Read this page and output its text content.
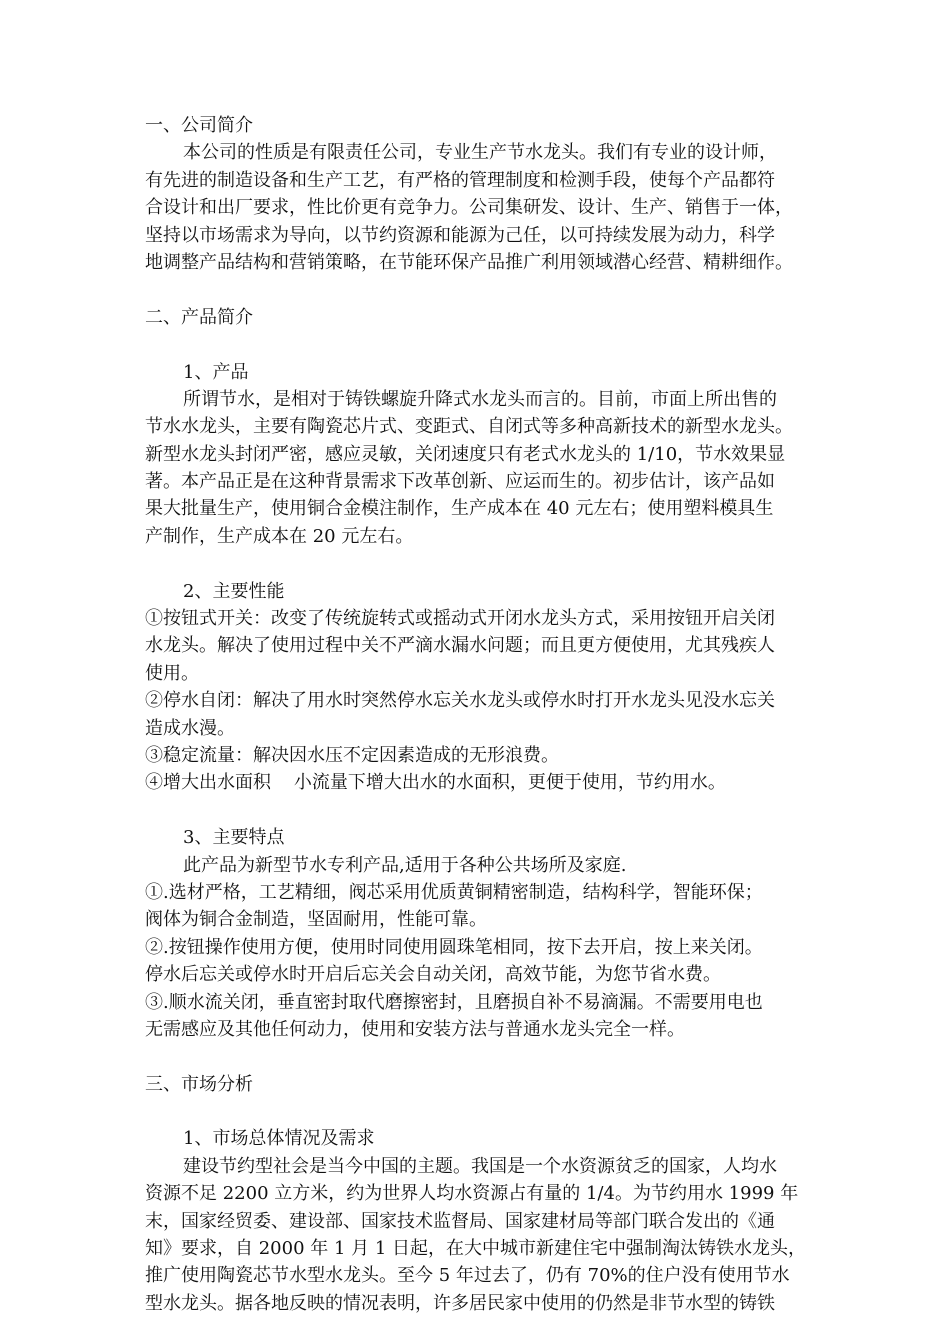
一、公司简介
本公司的性质是有限责任公司，专业生产节水龙头。我们有专业的设计师，
有先进的制造设备和生产工艺，有严格的管理制度和检测手段，使每个产品都符
合设计和出厂要求，性比价更有竞争力。公司集研发、设计、生产、销售于一体，
坚持以市场需求为导向，以节约资源和能源为己任，以可持续发展为动力，科学
地调整产品结构和营销策略，在节能环保产品推广利用领域潜心经营、精耕细作。
二、产品简介
1、产品
所谓节水，是相对于铸铁螺旋升降式水龙头而言的。目前，市面上所出售的
节水水龙头，主要有陶瓷芯片式、变距式、自闭式等多种高新技术的新型水龙头。
新型水龙头封闭严密，感应灵敏，关闭速度只有老式水龙头的 1/10，节水效果显
著。本产品正是在这种背景需求下改革创新、应运而生的。初步估计，该产品如
果大批量生产，使用铜合金模注制作，生产成本在 40 元左右；使用塑料模具生
产制作，生产成本在 20 元左右。
2、主要性能
①按钮式开关：改变了传统旋转式或摇动式开闭水龙头方式，采用按钮开启关闭
水龙头。解决了使用过程中关不严滴水漏水问题；而且更方便使用，尤其残疾人
使用。
②停水自闭：解决了用水时突然停水忘关水龙头或停水时打开水龙头见没水忘关
造成水漫。
③稳定流量：解决因水压不定因素造成的无形浪费。
④增大出水面积    小流量下增大出水的水面积，更便于使用，节约用水。
3、主要特点
此产品为新型节水专利产品,适用于各种公共场所及家庭.
①.选材严格，工艺精细，阀芯采用优质黄铜精密制造，结构科学，智能环保；
阀体为铜合金制造，坚固耐用，性能可靠。
②.按钮操作使用方便，使用时同使用圆珠笔相同，按下去开启，按上来关闭。
停水后忘关或停水时开启后忘关会自动关闭，高效节能，为您节省水费。
③.顺水流关闭，垂直密封取代磨擦密封，且磨损自补不易滴漏。不需要用电也
无需感应及其他任何动力，使用和安装方法与普通水龙头完全一样。
三、市场分析
1、市场总体情况及需求
建设节约型社会是当今中国的主题。我国是一个水资源贫乏的国家，人均水
资源不足 2200 立方米，约为世界人均水资源占有量的 1/4。为节约用水 1999 年
末，国家经贸委、建设部、国家技术监督局、国家建材局等部门联合发出的《通
知》要求，自 2000 年 1 月 1 日起，在大中城市新建住宅中强制淘汰铸铁水龙头，
推广使用陶瓷芯节水型水龙头。至今 5 年过去了，仍有 70%的住户没有使用节水
型水龙头。据各地反映的情况表明，许多居民家中使用的仍然是非节水型的铸铁
